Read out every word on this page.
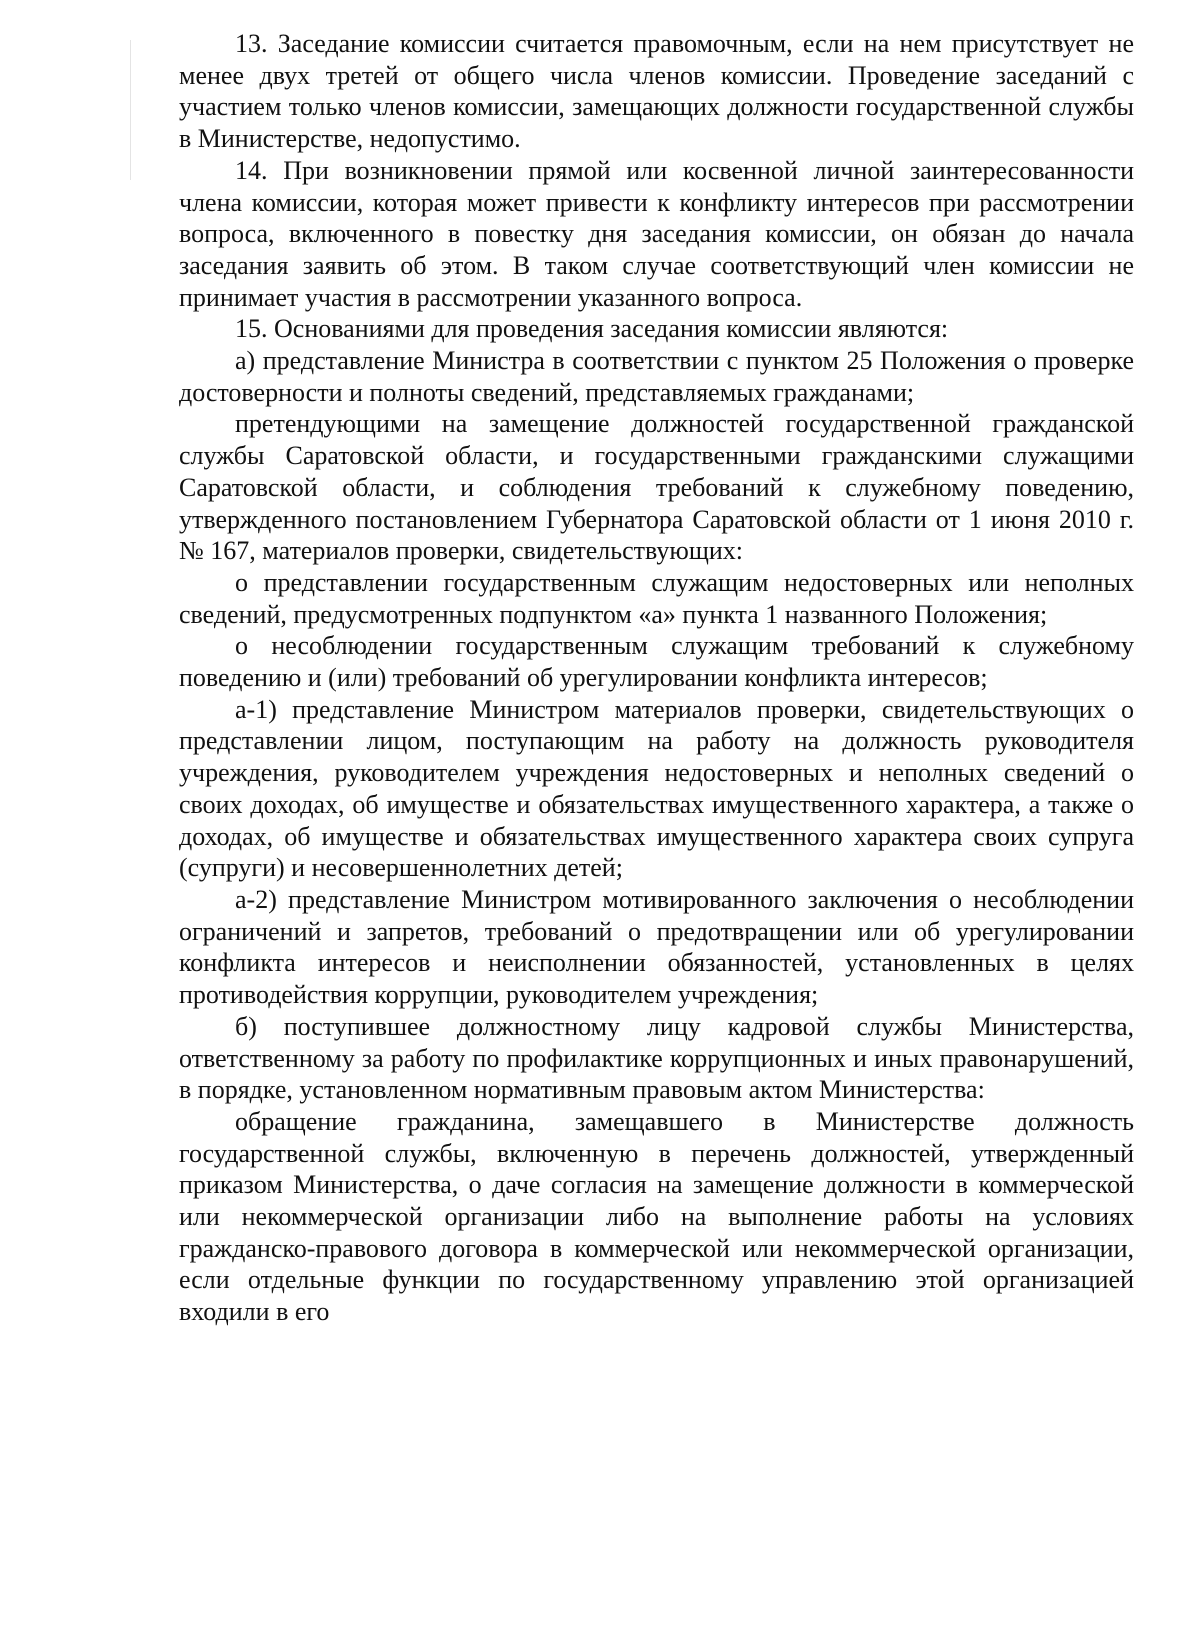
13. Заседание комиссии считается правомочным, если на нем присутствует не менее двух третей от общего числа членов комиссии. Проведение заседаний с участием только членов комиссии, замещающих должности государственной службы в Министерстве, недопустимо.

14. При возникновении прямой или косвенной личной заинтересованности члена комиссии, которая может привести к конфликту интересов при рассмотрении вопроса, включенного в повестку дня заседания комиссии, он обязан до начала заседания заявить об этом. В таком случае соответствующий член комиссии не принимает участия в рассмотрении указанного вопроса.

15. Основаниями для проведения заседания комиссии являются:

а) представление Министра в соответствии с пунктом 25 Положения о проверке достоверности и полноты сведений, представляемых гражданами;

претендующими на замещение должностей государственной гражданской службы Саратовской области, и государственными гражданскими служащими Саратовской области, и соблюдения требований к служебному поведению, утвержденного постановлением Губернатора Саратовской области от 1 июня 2010 г. № 167, материалов проверки, свидетельствующих:

о представлении государственным служащим недостоверных или неполных сведений, предусмотренных подпунктом «а» пункта 1 названного Положения;

о несоблюдении государственным служащим требований к служебному поведению и (или) требований об урегулировании конфликта интересов;

а-1) представление Министром материалов проверки, свидетельствующих о представлении лицом, поступающим на работу на должность руководителя учреждения, руководителем учреждения недостоверных и неполных сведений о своих доходах, об имуществе и обязательствах имущественного характера, а также о доходах, об имуществе и обязательствах имущественного характера своих супруга (супруги) и несовершеннолетних детей;

а-2) представление Министром мотивированного заключения о несоблюдении ограничений и запретов, требований о предотвращении или об урегулировании конфликта интересов и неисполнении обязанностей, установленных в целях противодействия коррупции, руководителем учреждения;

б) поступившее должностному лицу кадровой службы Министерства, ответственному за работу по профилактике коррупционных и иных правонарушений, в порядке, установленном нормативным правовым актом Министерства:

обращение гражданина, замещавшего в Министерстве должность государственной службы, включенную в перечень должностей, утвержденный приказом Министерства, о даче согласия на замещение должности в коммерческой или некоммерческой организации либо на выполнение работы на условиях гражданско-правового договора в коммерческой или некоммерческой организации, если отдельные функции по государственному управлению этой организацией входили в его
